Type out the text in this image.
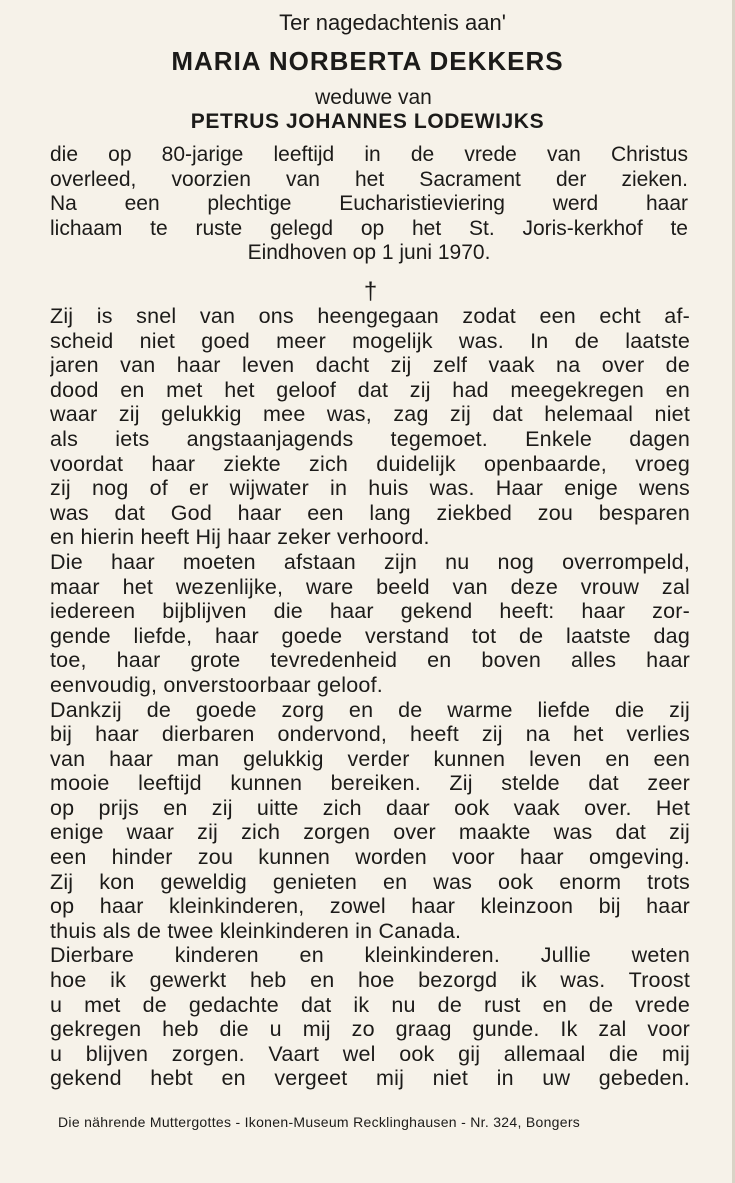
Ter nagedachtenis aan'
MARIA NORBERTA DEKKERS
weduwe van
PETRUS JOHANNES LODEWIJKS
die op 80-jarige leeftijd in de vrede van Christus
overleed, voorzien van het Sacrament der zieken.
Na een plechtige Eucharistieviering werd haar
lichaam te ruste gelegd op het St. Joris-kerkhof te
Eindhoven op 1 juni 1970.
†
Zij is snel van ons heengegaan zodat een echt af-
scheid niet goed meer mogelijk was. In de laatste
jaren van haar leven dacht zij zelf vaak na over de
dood en met het geloof dat zij had meegekregen en
waar zij gelukkig mee was, zag zij dat helemaal niet
als iets angstaanjagends tegemoet. Enkele dagen
voordat haar ziekte zich duidelijk openbaarde, vroeg
zij nog of er wijwater in huis was. Haar enige wens
was dat God haar een lang ziekbed zou besparen
en hierin heeft Hij haar zeker verhoord.
Die haar moeten afstaan zijn nu nog overrompeld,
maar het wezenlijke, ware beeld van deze vrouw zal
iedereen bijblijven die haar gekend heeft: haar zor-
gende liefde, haar goede verstand tot de laatste dag
toe, haar grote tevredenheid en boven alles haar
eenvoudig, onverstoorbaar geloof.
Dankzij de goede zorg en de warme liefde die zij
bij haar dierbaren ondervond, heeft zij na het verlies
van haar man gelukkig verder kunnen leven en een
mooie leeftijd kunnen bereiken. Zij stelde dat zeer
op prijs en zij uitte zich daar ook vaak over. Het
enige waar zij zich zorgen over maakte was dat zij
een hinder zou kunnen worden voor haar omgeving.
Zij kon geweldig genieten en was ook enorm trots
op haar kleinkinderen, zowel haar kleinzoon bij haar
thuis als de twee kleinkinderen in Canada.
Dierbare kinderen en kleinkinderen. Jullie weten
hoe ik gewerkt heb en hoe bezorgd ik was. Troost
u met de gedachte dat ik nu de rust en de vrede
gekregen heb die u mij zo graag gunde. Ik zal voor
u blijven zorgen. Vaart wel ook gij allemaal die mij
gekend hebt en vergeet mij niet in uw gebeden.
Die nährende Muttergottes - Ikonen-Museum Recklinghausen - Nr. 324, Bongers
